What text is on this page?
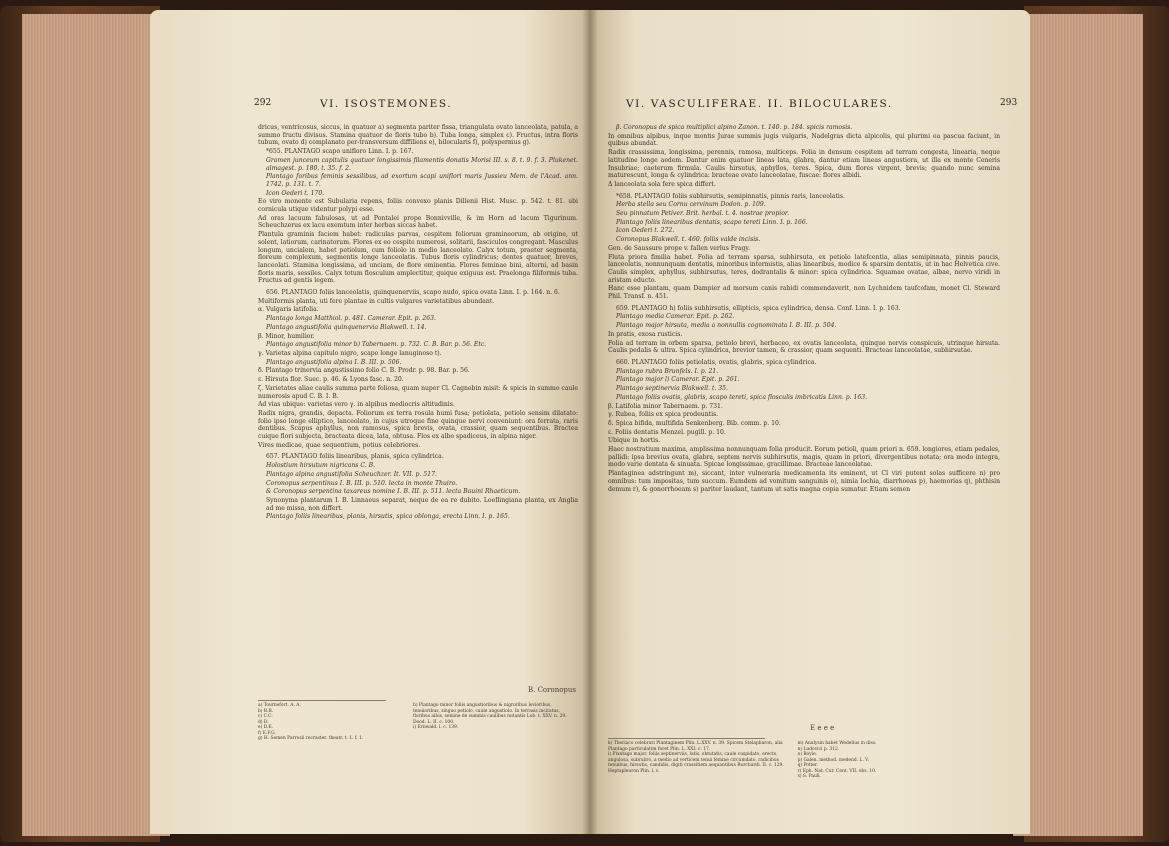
292	VI. ISOSTEMONES.

dricus, ventricosus, siccus, in quatuor a) segmenta pariter fissa, triangulata ovato lanceolata, patula, a summo fructu divisus. Stamina quatuor de floris tubo b). Tuba longa, simplex c). Fructus, intra floris tubum, ovato d) complanato per-transversum diffiliens e), bilocularis f), polyspermus g).

*655. PLANTAGO scapo unifloro Linn. I. p. 167.

Gramen junceum capitulis quatuor longissimis filamentis donatis Morisi III. s. 8. t. 9. f. 3. Plukenet. almagest. p. 180. t. 35. f. 2.

Plantago foribus feminis sessilibus, ad exortum scapi uniflori maris Jussieu Mem. de l'Acad. ann. 1742. p. 131. t. 7.

Icon Oederi t. 170.

Eo viro monente est Subularia repens, foliis convexo planis Dillenii Hist. Musc. p. 542. t. 81. ubi cornicula utique videntur polypi esse.

Ad oras lacuum fabulosas, ut ad Pontalei prope Bonnivville, & im Horn ad lacum Tigurinum. Scheuchzerus ex lacu exemtum inter herbas siccas habet.

Plantula graminis faciem habet: radiculas parvas, cespitem foliorum gramineorum, ab origine, ut solent, latiorum, carinatorum. Flores ex eo cespite numerosi, solitarii, fasciculos congregant. Masculus longum, uncialem, habet petiolum, cum foliolo in medio lanceolato. Calyx totum, praeter segmenta, floreum complexum, segmentis longe lanceolatis. Tubus floris cylindricus; dentes quatuor, breves, lanceolati. Stamina longissima, ad unciam, de flore eminentia. Flores feminae bini, alterni, ad basin floris maris, sessiles. Calyx totum flosculum amplectitur, quique exiguus est. Praelonga filiformis tuba. Fructus ad gentis legem.

656. PLANTAGO foliis lanceolatis, quinquenerviis, scapo nudo, spica ovata Linn. I. p. 164. n. 6.

Multiformis planta, uti fere plantae in cultis vulgares varietatibus abundant.

α. Vulgaris latifolia.

Plantago longa Matthiol. p. 481. Camerar. Epit. p. 263.

Plantago angustifolia quinquenervia Blakwell. t. 14.

β. Minor, humilior.

Plantago angustifolia minor b) Tabernaem. p. 732. C. B. Bar. p. 56. Etc.

γ. Varietas alpina capitulo nigro, scapo longe lanuginoso t).

Plantago angustifolia alpina I. B. III. p. 506.

δ. Plantago trinervia angustissimo folio C. B. Prodr. p. 98. Bar. p. 56.

ε. Hirsuta flor. Suec. p. 46. & Lyons fasc. n. 20.

ζ. Varietates aliae caulis summa parte foliosa, quam nuper Cl. Cagnebin misit: & spicis in summo caule numerosis apud C. B. I. B.

Ad vias ubique: varietas vero γ. in alpibus mediocris altitudinis.

Radix nigra, grandis, depacta. Foliorum ex terra rosula humi fusa; petiolata, petiolo sensim dilatato: folio ipso longe elliptico, lanceolato, in cujus utroque fine quinque nervi conveniunt: ora ferrata, raris dentibus. Scapus aphyllus, non ramosus, spica brevis, ovata, crassior, quam sequentibus. Bractea cuique flori subjecta, bracteata dicea, lata, obtusa. Flos ex albo spadiceus, in alpina niger.

Vires medicae, quae sequentium, potius celebriores.

657. PLANTAGO foliis linearibus, planis, spica cylindrica.

Holostium hirsutum nigricans C. B.

Plantago alpina angustifolia Scheuchzer. It. VII. p. 517.

Coronopus serpentinus I. B. III. p. 510. lecta in monte Thuiro.

& Coronopus serpentina taxareus nomine I. B. III. p. 511. lecta Bauini Rhaeticum.

Synonyma plantarum I. B. Linnaeus separat, neque de ea re dubito. Loeflingiana planta, ex Anglia ad me missa, non differt.

Plantago foliis linearibus, planis, hirsutis, spica oblonga, erecta Linn. I. p. 165.

B. Coronopus

a) Tournefort. A. A.

b) B.B.

c) C.C.

d) D.

e) D.E.

f) E.F.G.

g) H. Semen Parrosii recraster. theatr. t. 1. f. 1.

h) Plantago minor foliis angustioribus & nigroribus levioribus, tenuioribus, singuo petiolo, caule angustiolo. In terrasis incitatus, floribus albis, semine de summis caulibus nutantis Lob. t. XXV. n. 29. Dood. L. II. c. 100.

i) Ernwald. l. c. 139.

VI. VASCULIFERAE. II. BILOCULARES.	293

β. Coronopus de spica multiplici alpino Zanon. t. 140. p. 184. spicis ramosis.

In omnibus alpibus, inque montis Jurae summis jugis vulgaris, Nadelgras dicta alpicolis, qui plurimi ea pascua faciunt, in quibus abundat.

Radix crassissima, longissima, perennis, ramosa, multiceps. Folia in densum cespitem ad terram congesta, linearia, neque latitudine longe aedem. Dantur enim quatuor lineas lata, glabra, dantur etiam lineas angustiora, ut illa ex monte Ceneris Insubriae; caeterum firmula. Caulis hirsutus, aphyllos, teres. Spica, dum flores virgent, brevis; quando nunc semina maturescunt, longa & cylindrica: bracteae ovato lanceolatae, fuscae: flores albidi.

Δ lanceolata sola fere spica differt.

*658. PLANTAGO foliis subhirsutis, semipinnatis, pinnis raris, lanceolatis.

Herba stella seu Cornu cervinum Dodon. p. 109.

Seu pinnatum Petiver. Brit. herbal. t. 4. nostrae propior.

Plantago foliis linearibus dentatis, scapo tereti Linn. I. p. 166.

Icon Oederi t. 272.

Coronopus Blakwell. t. 460. foliis valde incisis.

Gen. de Saussure prope v. fallen verlus Fragy.

Fluta priora fimilia habet. Folia ad terram sparsa, subhirsuta, ex petiolo latefcentia, alias semipinnata, pinnis paucis, lanceolatis, nonnunquam dentatis, minoribus intermistis, alias linearibus, modice & sparsim dentatis, ut in hac Helvetica cive. Caulis simplex, aphyllus, subhirsutus, teres, dodrantalis & minor: spica cylindrica. Squamae ovatae, albae, nervo viridi in aristam educto.

Hanc esse plantam, quam Dampier ad morsum canis rabidi commendaverit, non Lychnidem taufcofam, monet Cl. Steward Phil. Transf. n. 451.

659. PLANTAGO h) foliis subhirsutis, ellipticis, spica cylindrica, densa. Conf. Linn. I. p. 163.

Plantago media Camerar. Epit. p. 262.

Plantago major hirsuta, media a nonnullis cognominata I. B. III. p. 504.

In pratis, exosa rusticis.

Folia ad terram in orbem sparsa, petiolo brevi, herbaceo, ex ovatis lanceolata, quinque nervis conspicuis, utrinque hirsuta. Caulis pedalis & ultra. Spica cylindrica, brevior tamen, & crassior, quam sequenti. Bracteae lanceolatae, subhirsutae.

660. PLANTAGO foliis petiolatis, ovatis, glabris, spica cylindrica.

Plantago rubra Brunfels. I. p. 21.

Plantago major l) Camerar. Epit. p. 261.

Plantago septinervia Blakwell. t. 35.

Plantago foliis ovatis, glabris, scapo tereti, spica flosculis imbricatis Linn. p. 163.

β. Latifolia minor Tabernaem. p. 731.

γ. Rubea, foliis ex spica prodeuntis.

δ. Spica bifida, multifida Senkenberg. Bib. comm. p. 10.

ε. Foliis dentatis Menzel. pugill. p. 10.

Ubique in hortis.

Haec nostratium maxima, amplissima nonnunquam folia producit. Eorum petioli, quam priori n. 659. longiores, etiam pedales, pallidi: ipsa brevius ovata, glabra, septem nervis subhirsutis, magis, quam in priori, divergentibus notata; ora modo integra, modo varie dentata & sinuata. Spicae longissimae, gracillimae. Bracteae lanceolatae.

Plantaginea adstringunt m), siccant, inter vulneraria medicamenta its eminent, ut Cl viri putent solas sufficere n) pro omnibus: tum impositas, tum succum. Eumdem ad vomitum sanguinis o), nimia lochia, diarrhoeas p), haemorias q), phthisin demum r), & gonorrhoeam s) pariter laudant, tantum ut satis magna copia sumatur. Etiam semen

E e e e

k) Theriaco celebrari Plantaginem Plin. L.XXV. n. 39. Spicem Stelapharon, alia Plantago particulatim furet Plin. L. XXI. c. 17.

l) Plantago major, foliis septinerviis, latis, obtutatis, caule cuspidato, erecto, angulosa, subrubro, a medio ad verticem tenui femine circumdato, radicibus tenuibus, hirsutis, candidis, digiti crassitiem aequantibus Burchardi. II. c. 129. Heptapleuron Plin. l. c.

m) Analysin habet Wedelius in diss.

n) Ludovici p. 312.

o) Boyle.

p) Galen. method. medend. L. V.

q) Potter.

r) Eph. Nat. Cur. Cent. VII. obs. 10.

s) S. Pauli.
